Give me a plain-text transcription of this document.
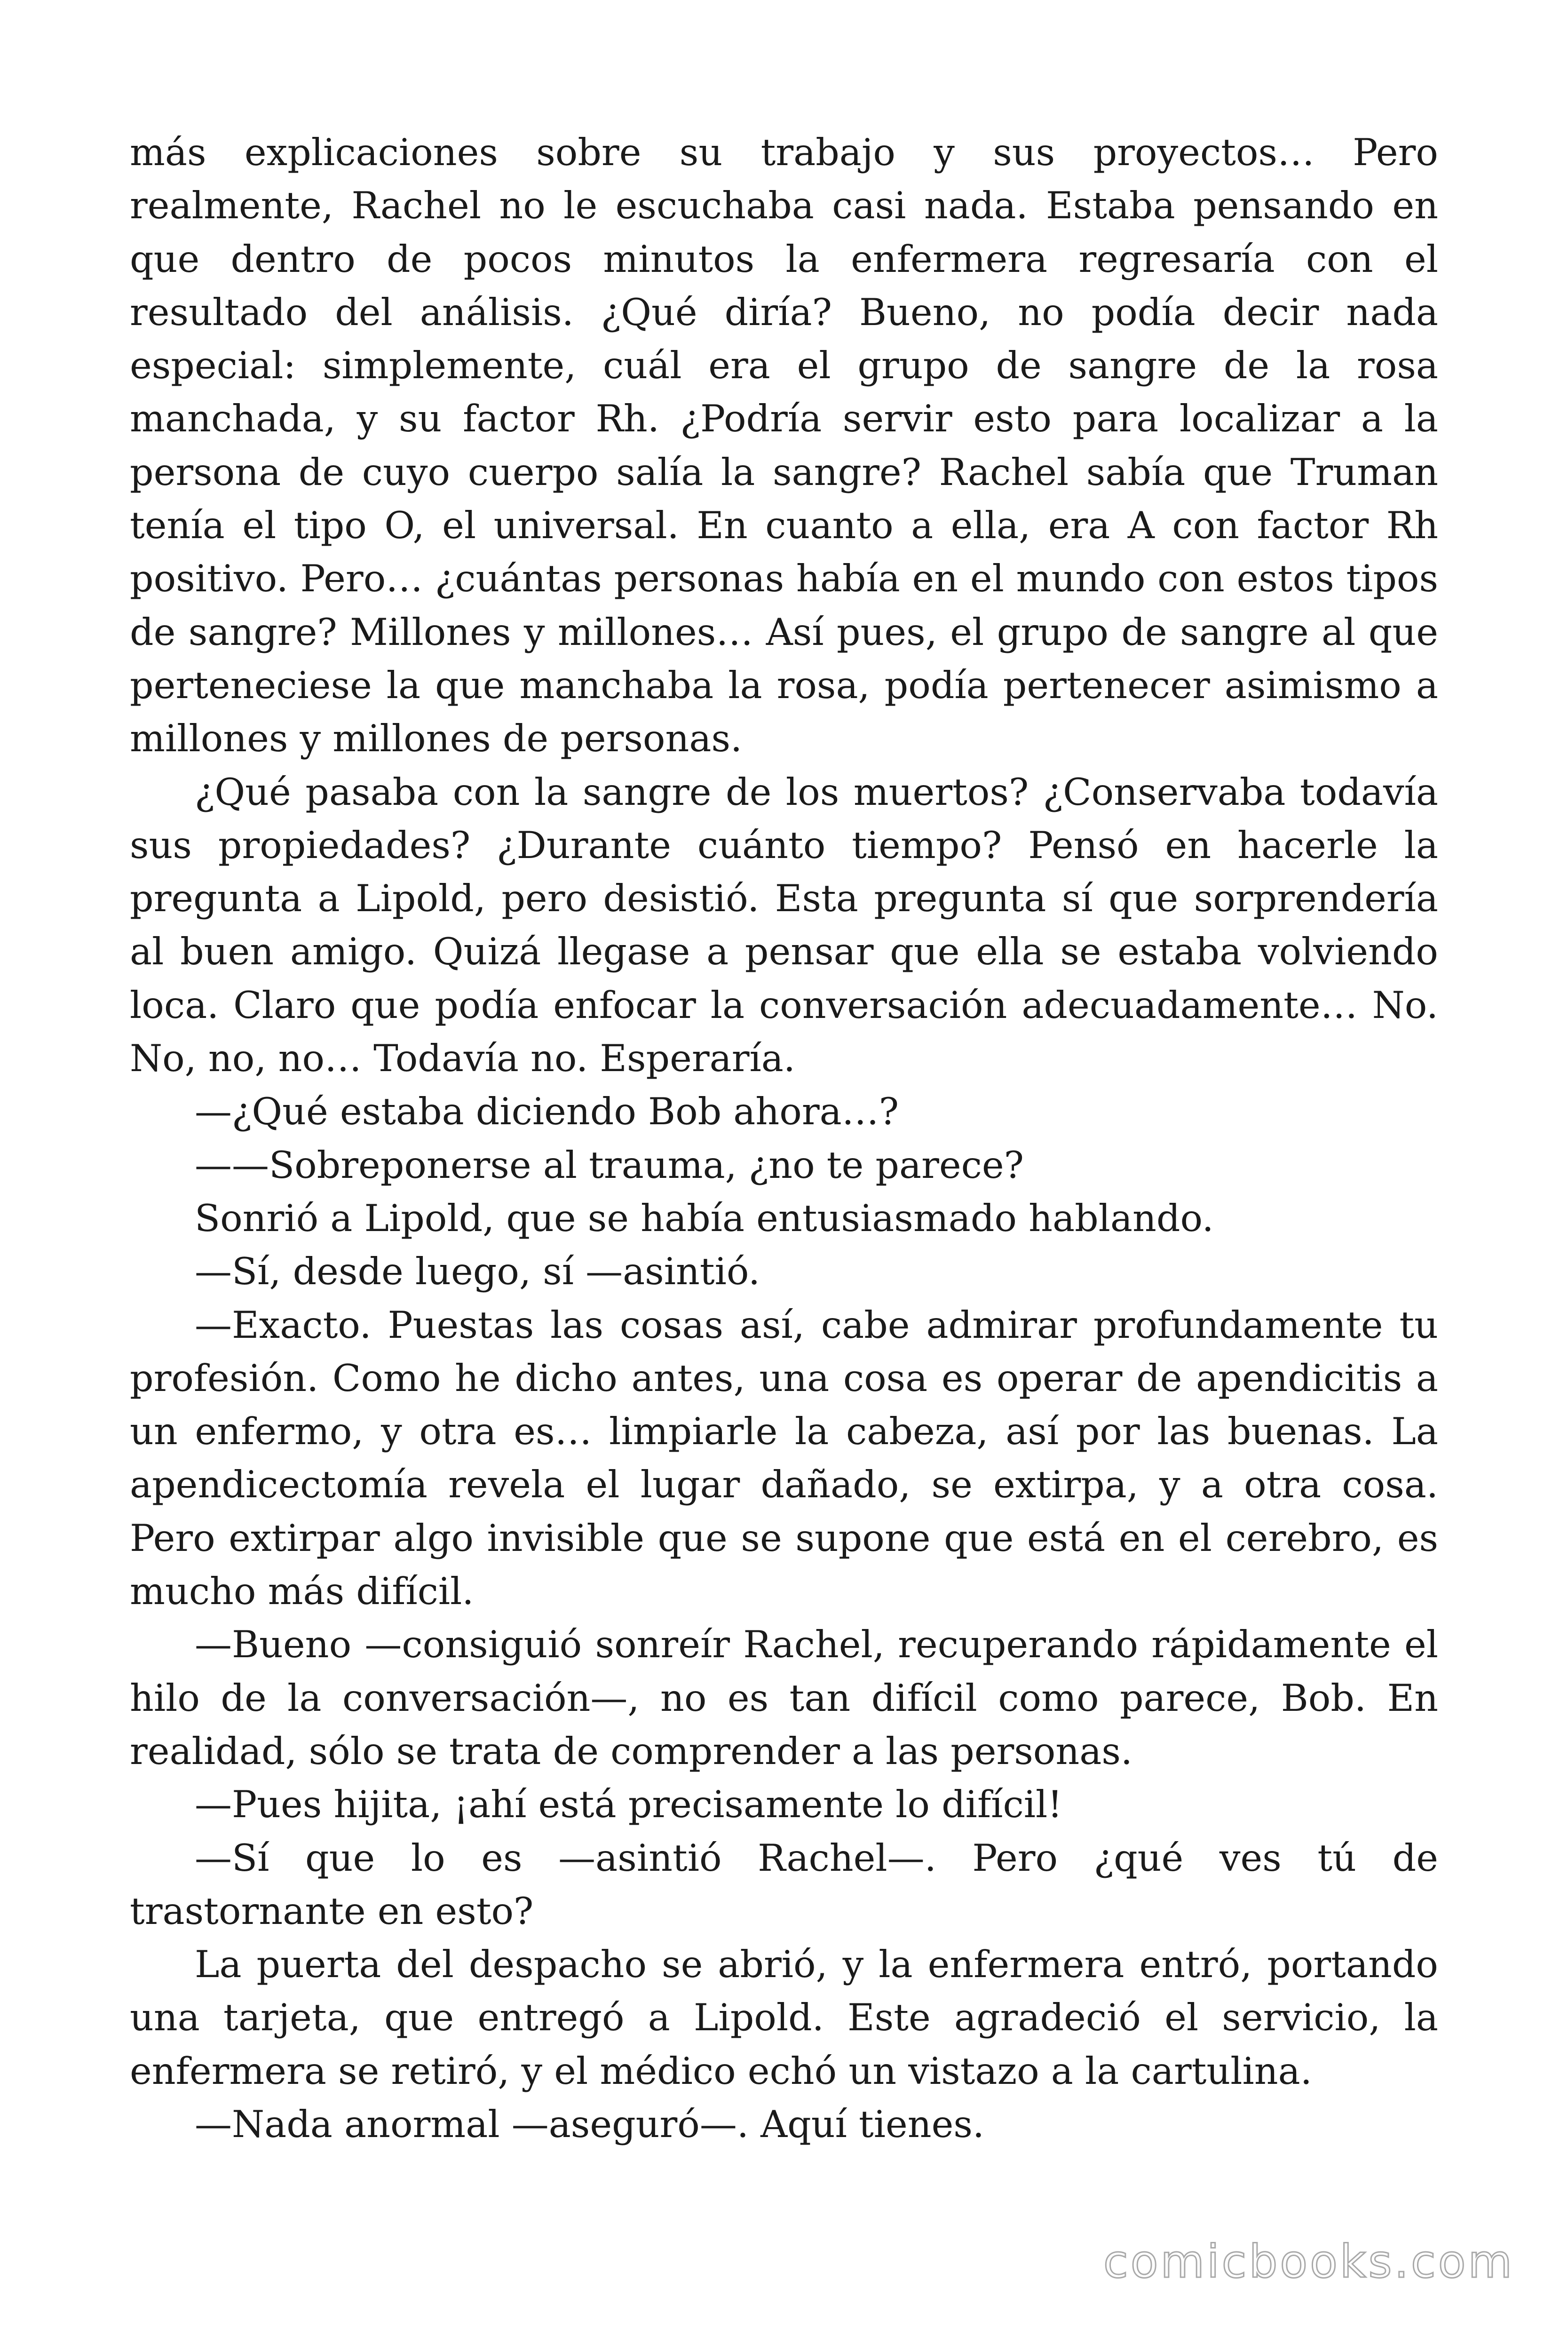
más explicaciones sobre su trabajo y sus proyectos… Pero realmente, Rachel no le escuchaba casi nada. Estaba pensando en que dentro de pocos minutos la enfermera regresaría con el resultado del análisis. ¿Qué diría? Bueno, no podía decir nada especial: simplemente, cuál era el grupo de sangre de la rosa manchada, y su factor Rh. ¿Podría servir esto para localizar a la persona de cuyo cuerpo salía la sangre? Rachel sabía que Truman tenía el tipo O, el universal. En cuanto a ella, era A con factor Rh positivo. Pero… ¿cuántas personas había en el mundo con estos tipos de sangre? Millones y millones… Así pues, el grupo de sangre al que perteneciese la que manchaba la rosa, podía pertenecer asimismo a millones y millones de personas.

¿Qué pasaba con la sangre de los muertos? ¿Conservaba todavía sus propiedades? ¿Durante cuánto tiempo? Pensó en hacerle la pregunta a Lipold, pero desistió. Esta pregunta sí que sorprendería al buen amigo. Quizá llegase a pensar que ella se estaba volviendo loca. Claro que podía enfocar la conversación adecuadamente… No. No, no, no… Todavía no. Esperaría.

—¿Qué estaba diciendo Bob ahora…?

——Sobreponerse al trauma, ¿no te parece?

Sonrió a Lipold, que se había entusiasmado hablando.

—Sí, desde luego, sí —asintió.

—Exacto. Puestas las cosas así, cabe admirar profundamente tu profesión. Como he dicho antes, una cosa es operar de apendicitis a un enfermo, y otra es… limpiarle la cabeza, así por las buenas. La apendicectomía revela el lugar dañado, se extirpa, y a otra cosa. Pero extirpar algo invisible que se supone que está en el cerebro, es mucho más difícil.

—Bueno —consiguió sonreír Rachel, recuperando rápidamente el hilo de la conversación—, no es tan difícil como parece, Bob. En realidad, sólo se trata de comprender a las personas.

—Pues hijita, ¡ahí está precisamente lo difícil!

—Sí que lo es —asintió Rachel—. Pero ¿qué ves tú de trastornante en esto?

La puerta del despacho se abrió, y la enfermera entró, portando una tarjeta, que entregó a Lipold. Este agradeció el servicio, la enfermera se retiró, y el médico echó un vistazo a la cartulina.

—Nada anormal —aseguró—. Aquí tienes.

comicbooks.com
